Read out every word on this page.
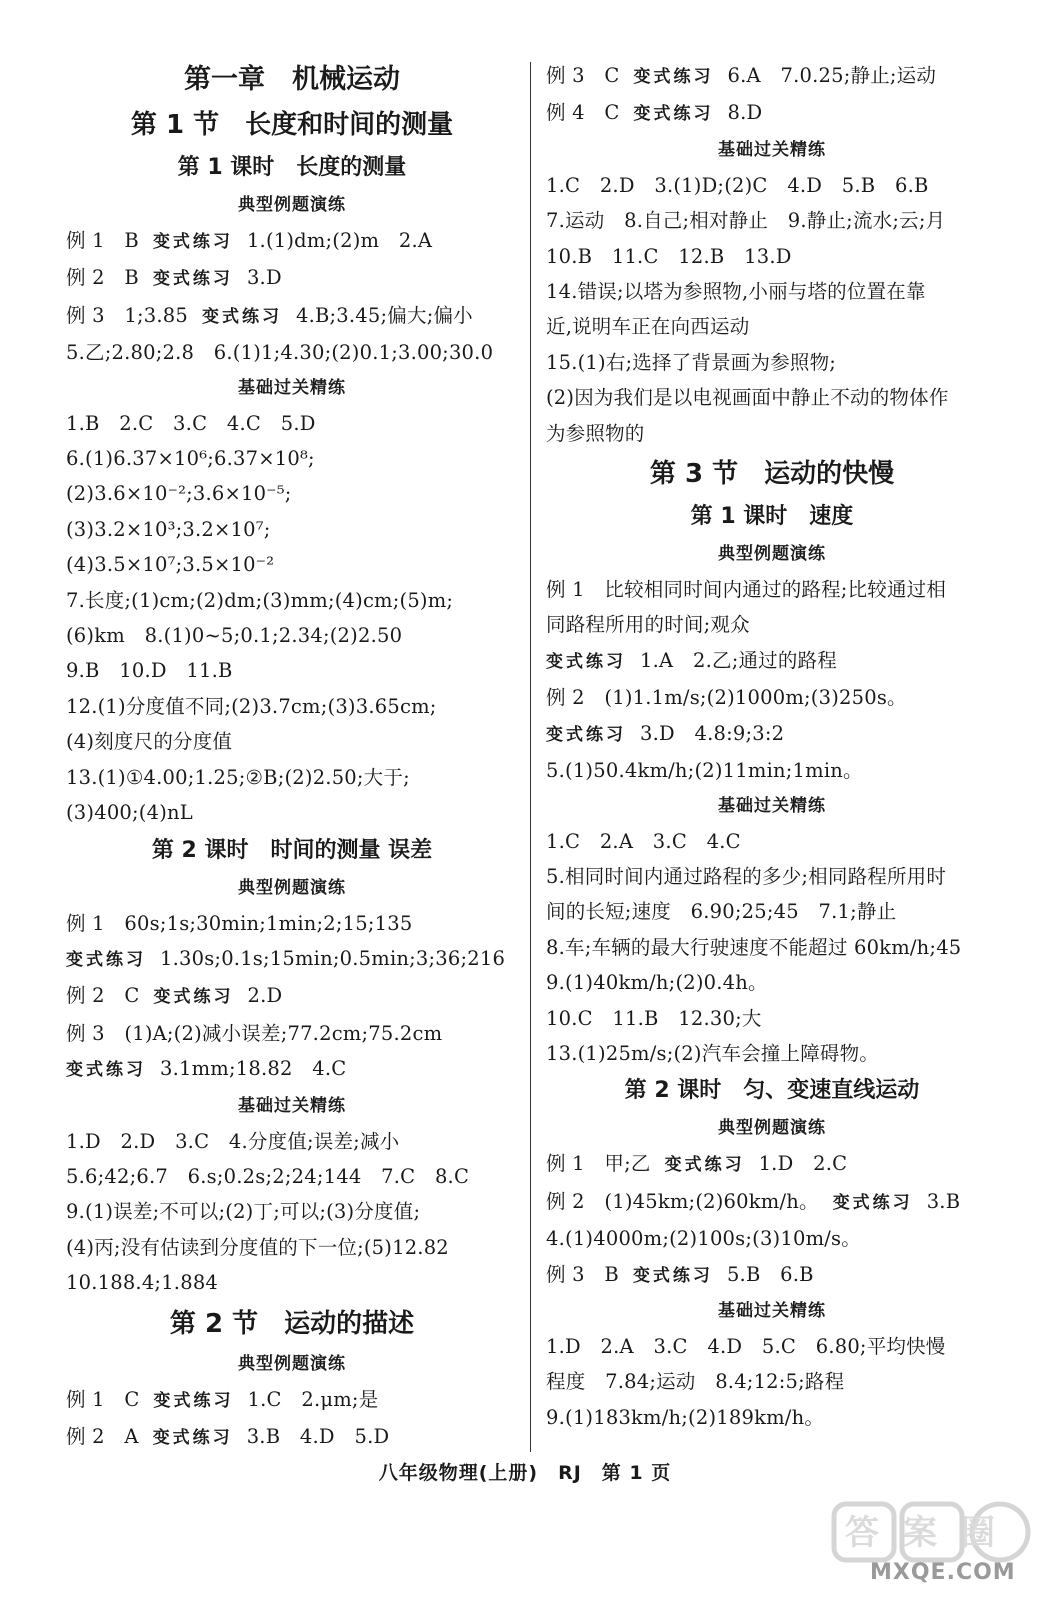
第一章　机械运动
第 1 节　长度和时间的测量
第 1 课时　长度的测量
典型例题演练
例 1　B 变式练习 1.(1)dm;(2)m　2.A
例 2　B 变式练习 3.D
例 3　1;3.85 变式练习 4.B;3.45;偏大;偏小
5.乙;2.80;2.8　6.(1)1;4.30;(2)0.1;3.00;30.0
基础过关精练
1.B　2.C　3.C　4.C　5.D
6.(1)6.37×10⁶;6.37×10⁸;
(2)3.6×10⁻²;3.6×10⁻⁵;
(3)3.2×10³;3.2×10⁷;
(4)3.5×10⁷;3.5×10⁻²
7.长度;(1)cm;(2)dm;(3)mm;(4)cm;(5)m;
(6)km　8.(1)0~5;0.1;2.34;(2)2.50
9.B　10.D　11.B
12.(1)分度值不同;(2)3.7cm;(3)3.65cm;
(4)刻度尺的分度值
13.(1)①4.00;1.25;②B;(2)2.50;大于;
(3)400;(4)nL
第 2 课时　时间的测量 误差
典型例题演练
例 1　60s;1s;30min;1min;2;15;135
变式练习 1.30s;0.1s;15min;0.5min;3;36;216
例 2　C 变式练习 2.D
例 3　(1)A;(2)减小误差;77.2cm;75.2cm
变式练习 3.1mm;18.82　4.C
基础过关精练
1.D　2.D　3.C　4.分度值;误差;减小
5.6;42;6.7　6.s;0.2s;2;24;144　7.C　8.C
9.(1)误差;不可以;(2)丁;可以;(3)分度值;
(4)丙;没有估读到分度值的下一位;(5)12.82
10.188.4;1.884
第 2 节　运动的描述
典型例题演练
例 1　C 变式练习 1.C　2.μm;是
例 2　A 变式练习 3.B　4.D　5.D
例 3　C 变式练习 6.A　7.0.25;静止;运动
例 4　C 变式练习 8.D
基础过关精练
1.C　2.D　3.(1)D;(2)C　4.D　5.B　6.B
7.运动　8.自己;相对静止　9.静止;流水;云;月
10.B　11.C　12.B　13.D
14.错误;以塔为参照物,小丽与塔的位置在靠
近,说明车正在向西运动
15.(1)右;选择了背景画为参照物;
(2)因为我们是以电视画面中静止不动的物体作
为参照物的
第 3 节　运动的快慢
第 1 课时　速度
典型例题演练
例 1　比较相同时间内通过的路程;比较通过相
同路程所用的时间;观众
变式练习 1.A　2.乙;通过的路程
例 2　(1)1.1m/s;(2)1000m;(3)250s。
变式练习 3.D　4.8:9;3:2
5.(1)50.4km/h;(2)11min;1min。
基础过关精练
1.C　2.A　3.C　4.C
5.相同时间内通过路程的多少;相同路程所用时
间的长短;速度　6.90;25;45　7.1;静止
8.车;车辆的最大行驶速度不能超过 60km/h;45
9.(1)40km/h;(2)0.4h。
10.C　11.B　12.30;大
13.(1)25m/s;(2)汽车会撞上障碍物。
第 2 课时　匀、变速直线运动
典型例题演练
例 1　甲;乙 变式练习 1.D　2.C
例 2　(1)45km;(2)60km/h。 变式练习 3.B
4.(1)4000m;(2)100s;(3)10m/s。
例 3　B 变式练习 5.B　6.B
基础过关精练
1.D　2.A　3.C　4.D　5.C　6.80;平均快慢
程度　7.84;运动　8.4;12:5;路程
9.(1)183km/h;(2)189km/h。
八年级物理(上册)　RJ　第 1 页
答案圈
MXQE.COM
